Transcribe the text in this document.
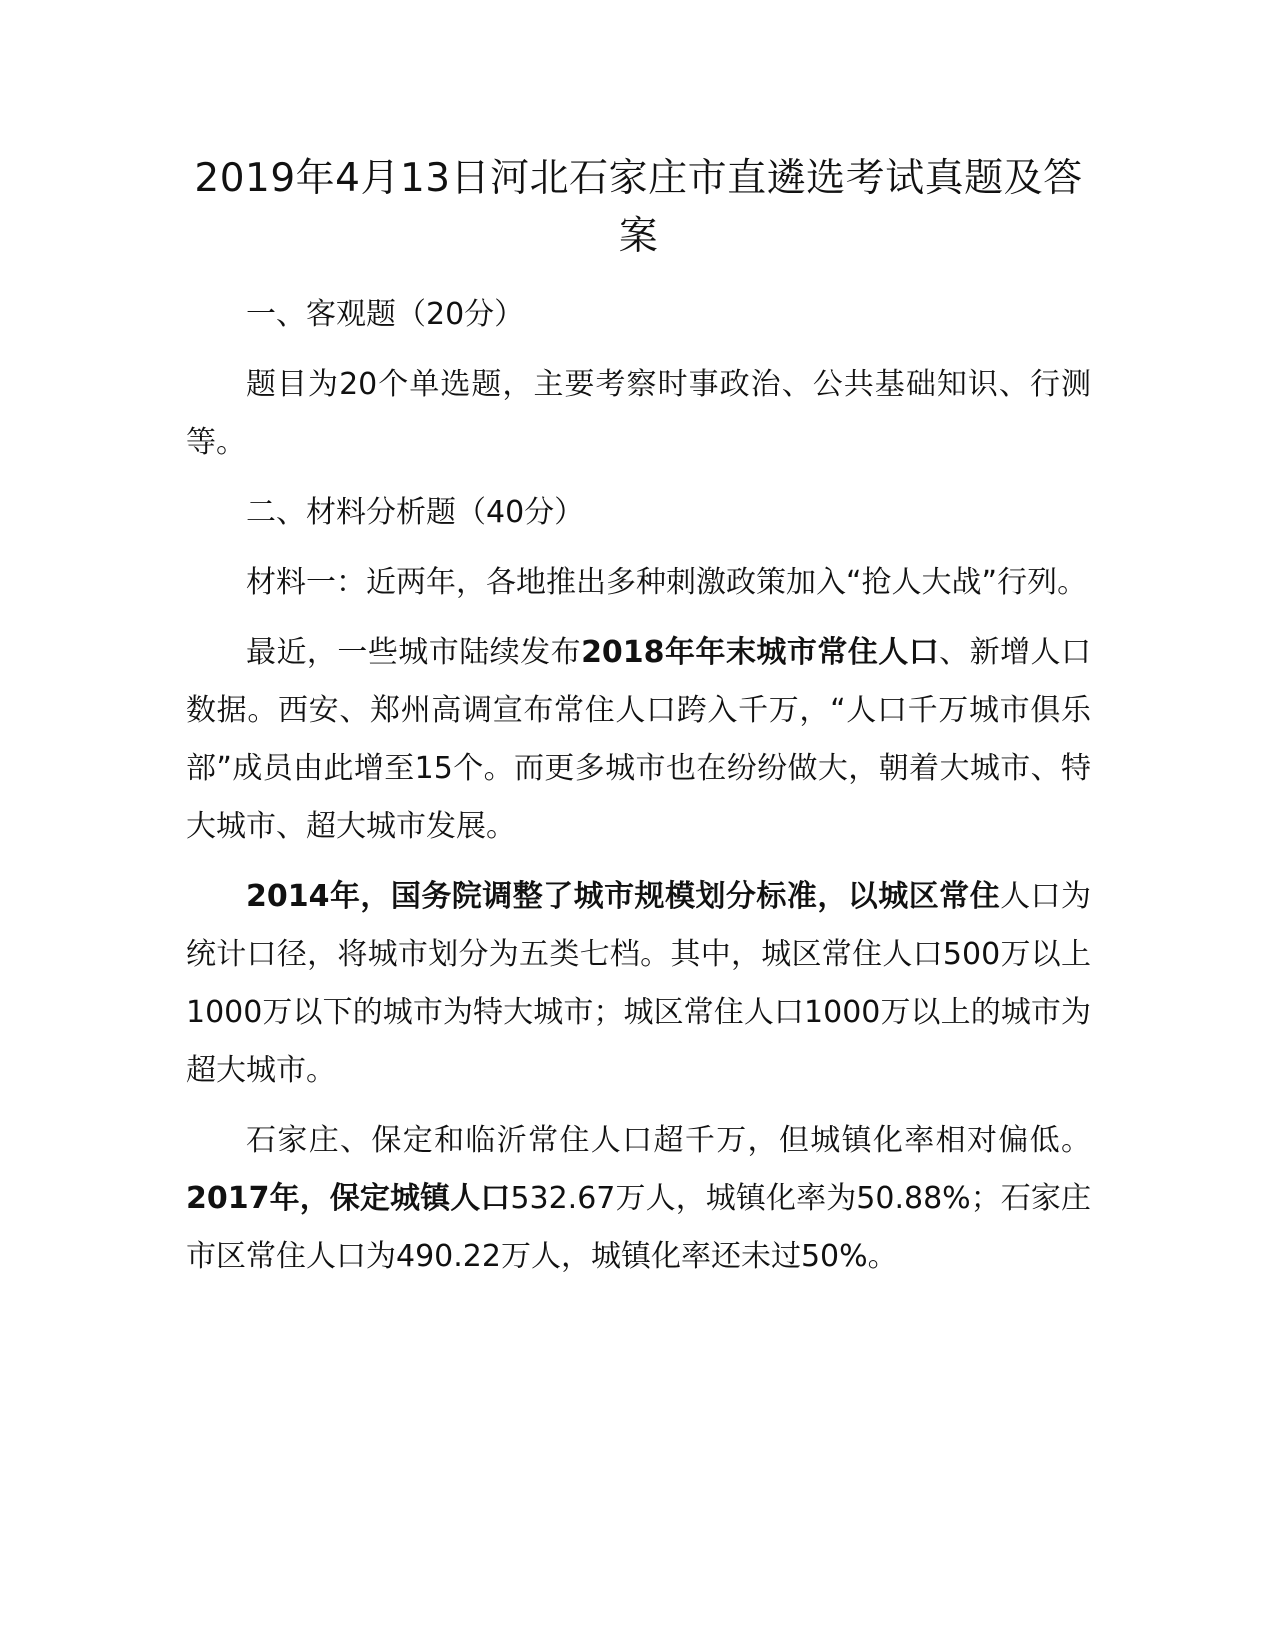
2019年4月13日河北石家庄市直遴选考试真题及答案

一、客观题（20分）

题目为20个单选题，主要考察时事政治、公共基础知识、行测等。

二、材料分析题（40分）

材料一：近两年，各地推出多种刺激政策加入“抢人大战”行列。

最近，一些城市陆续发布2018年年末城市常住人口、新增人口数据。西安、郑州高调宣布常住人口跨入千万，“人口千万城市俱乐部”成员由此增至15个。而更多城市也在纷纷做大，朝着大城市、特大城市、超大城市发展。

2014年，国务院调整了城市规模划分标准，以城区常住人口为统计口径，将城市划分为五类七档。其中，城区常住人口500万以上1000万以下的城市为特大城市；城区常住人口1000万以上的城市为超大城市。

石家庄、保定和临沂常住人口超千万，但城镇化率相对偏低。2017年，保定城镇人口532.67万人，城镇化率为50.88%；石家庄市区常住人口为490.22万人，城镇化率还未过50%。
